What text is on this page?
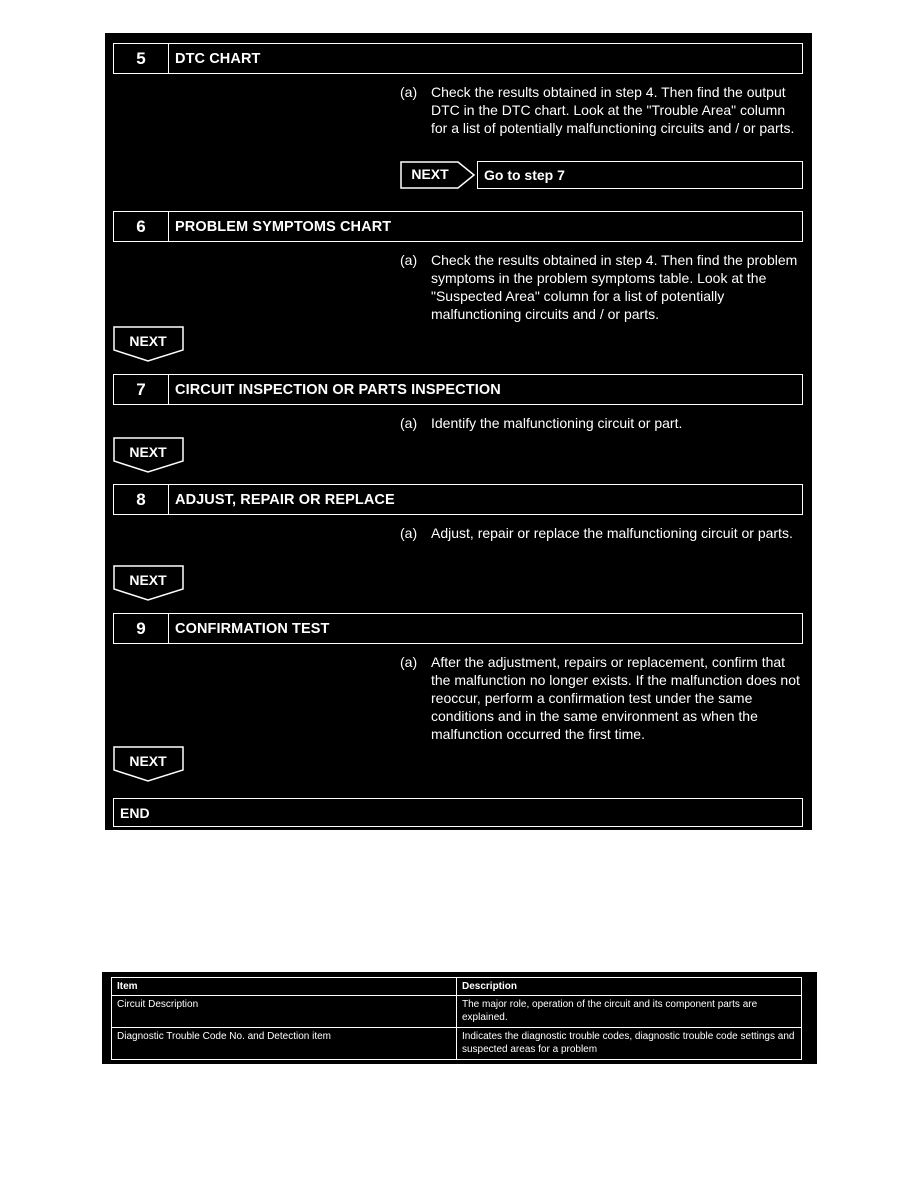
5	DTC CHART
(a) Check the results obtained in step 4. Then find the output DTC in the DTC chart. Look at the "Trouble Area" column for a list of potentially malfunctioning circuits and / or parts.
NEXT	Go to step 7
6	PROBLEM SYMPTOMS CHART
(a) Check the results obtained in step 4. Then find the problem symptoms in the problem symptoms table. Look at the "Suspected Area" column for a list of potentially malfunctioning circuits and / or parts.
NEXT
7	CIRCUIT INSPECTION OR PARTS INSPECTION
(a) Identify the malfunctioning circuit or part.
NEXT
8	ADJUST, REPAIR OR REPLACE
(a) Adjust, repair or replace the malfunctioning circuit or parts.
NEXT
9	CONFIRMATION TEST
(a) After the adjustment, repairs or replacement, confirm that the malfunction no longer exists. If the malfunction does not reoccur, perform a confirmation test under the same conditions and in the same environment as when the malfunction occurred the first time.
NEXT
END
Item	Description
Circuit Description	The major role, operation of the circuit and its component parts are explained.
Diagnostic Trouble Code No. and Detection item	Indicates the diagnostic trouble codes, diagnostic trouble code settings and suspected areas for a problem
